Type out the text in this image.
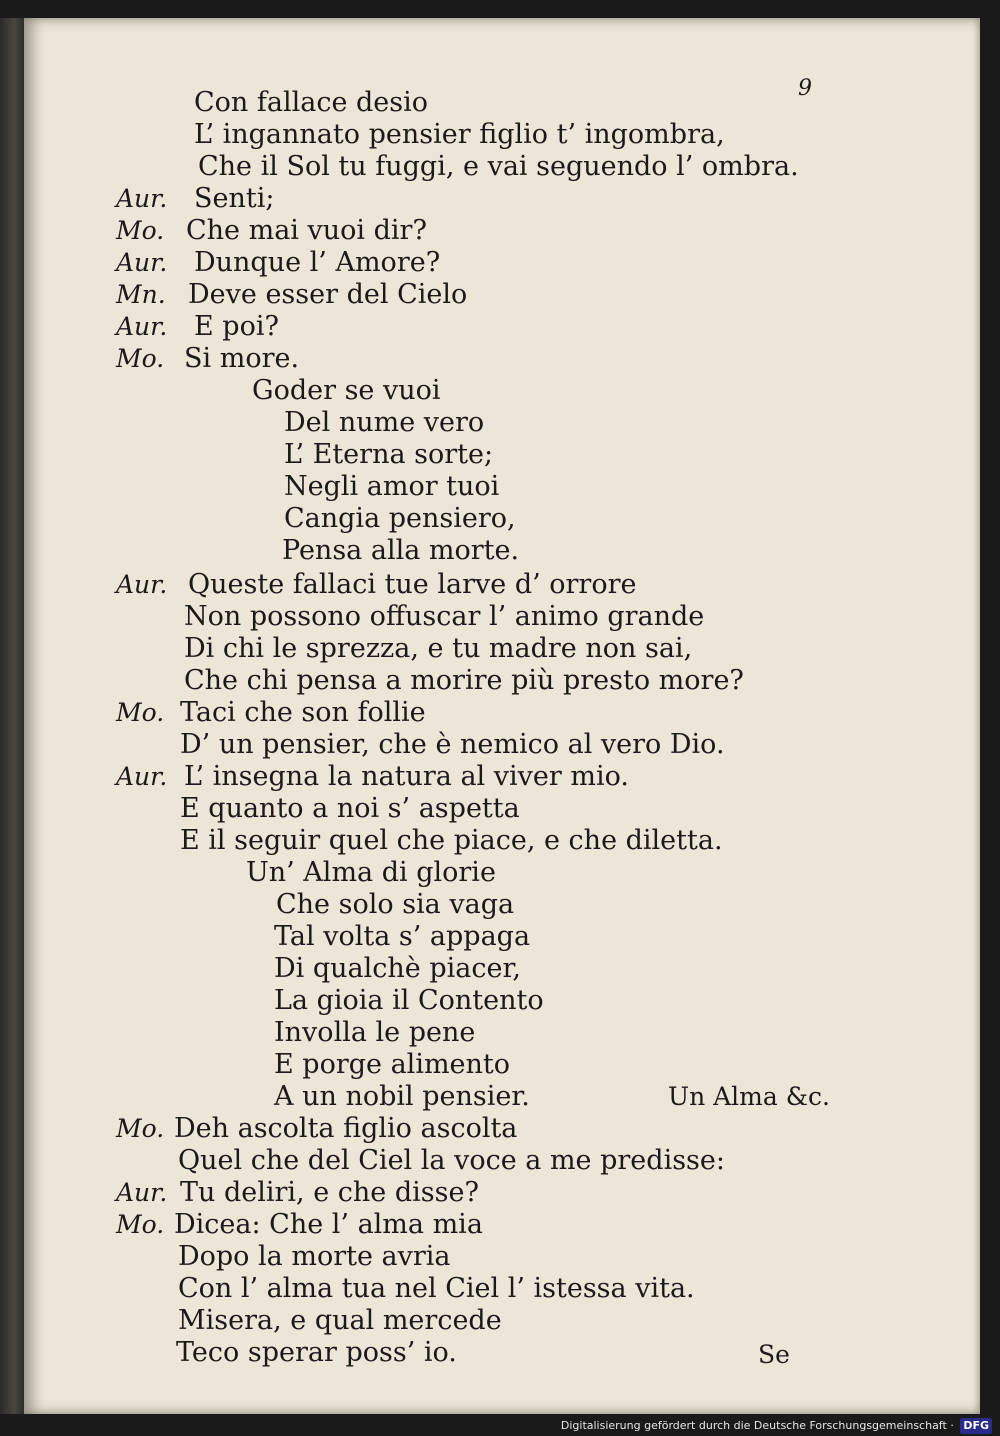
9
Con fallace desio
L’ ingannato pensier figlio t’ ingombra,
Che il Sol tu fuggi, e vai seguendo l’ ombra.
Aur. Senti;
Mo. Che mai vuoi dir?
Aur. Dunque l’ Amore?
Mn. Deve esser del Cielo
Aur. E poi?
Mo. Si more.
Goder se vuoi
Del nume vero
L’ Eterna sorte;
Negli amor tuoi
Cangia pensiero,
Pensa alla morte.
Aur. Queste fallaci tue larve d’ orrore
Non possono offuscar l’ animo grande
Di chi le sprezza, e tu madre non sai,
Che chi pensa a morire più presto more?
Mo. Taci che son follie
D’ un pensier, che è nemico al vero Dio.
Aur. L’ insegna la natura al viver mio.
E quanto a noi s’ aspetta
E il seguir quel che piace, e che diletta.
Un’ Alma di glorie
Che solo sia vaga
Tal volta s’ appaga
Di qualchè piacer,
La gioia il Contento
Involla le pene
E porge alimento
A un nobil pensier.
Mo. Deh ascolta figlio ascolta
Quel che del Ciel la voce a me predisse:
Aur. Tu deliri, e che disse?
Mo. Dicea: Che l’ alma mia
Dopo la morte avria
Con l’ alma tua nel Ciel l’ istessa vita.
Misera, e qual mercede
Teco sperar poss’ io.
Un Alma &c.
Se
Digitalisierung gefördert durch die Deutsche Forschungsgemeinschaft · DFG
